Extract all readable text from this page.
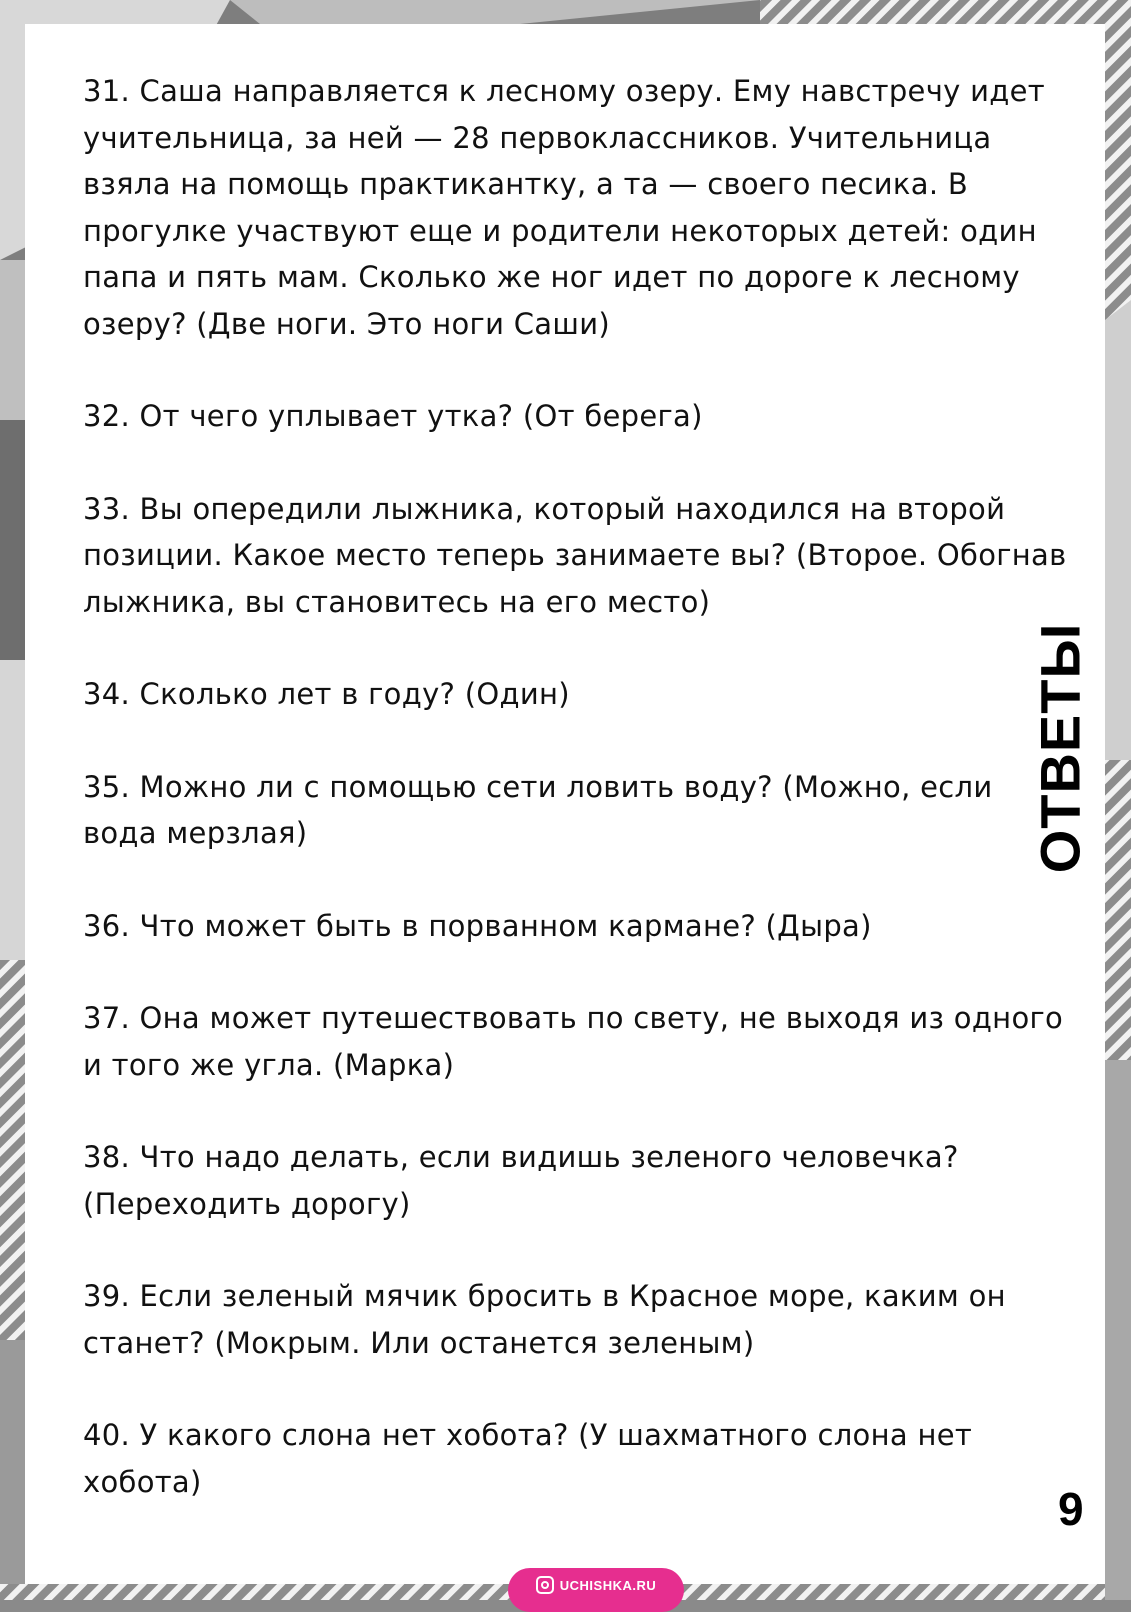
31. Саша направляется к лесному озеру. Ему навстречу идет учительница, за ней — 28 первоклассников. Учительница взяла на помощь практикантку, а та — своего песика. В прогулке участвуют еще и родители некоторых детей: один папа и пять мам. Сколько же ног идет по дороге к лесному озеру? (Две ноги. Это ноги Саши)

32. От чего уплывает утка? (От берега)

33. Вы опередили лыжника, который находился на второй позиции. Какое место теперь занимаете вы? (Второе. Обогнав лыжника, вы становитесь на его место)

34. Сколько лет в году? (Один)

35. Можно ли с помощью сети ловить воду? (Можно, если вода мерзлая)

36. Что может быть в порванном кармане? (Дыра)

37. Она может путешествовать по свету, не выходя из одного и того же угла. (Марка)

38. Что надо делать, если видишь зеленого человечка? (Переходить дорогу)

39. Если зеленый мячик бросить в Красное море, каким он станет? (Мокрым. Или останется зеленым)

40. У какого слона нет хобота? (У шахматного слона нет хобота)

ОТВЕТЫ
9
UCHISHKA.RU
